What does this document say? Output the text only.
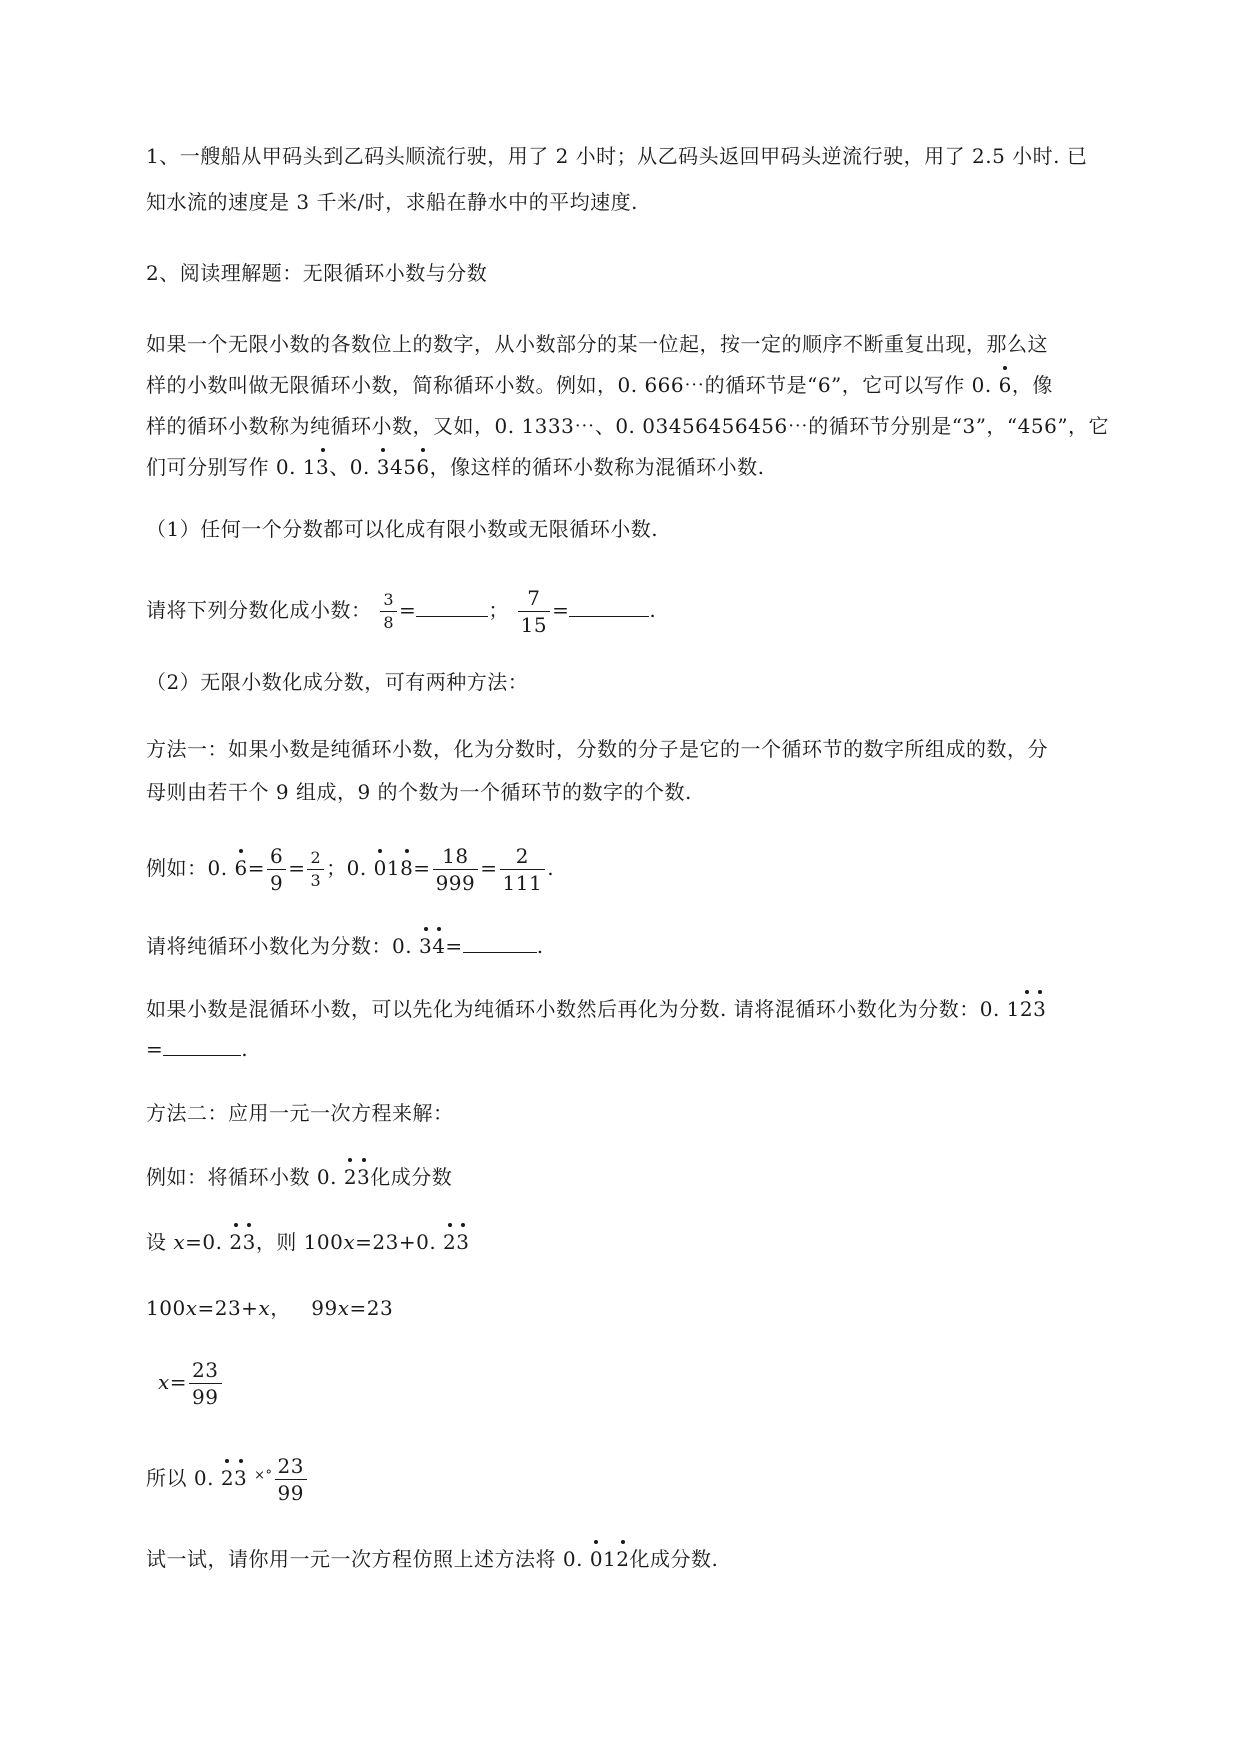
1、一艘船从甲码头到乙码头顺流行驶，用了 2 小时；从乙码头返回甲码头逆流行驶，用了 2.5 小时. 已
知水流的速度是 3 千米/时，求船在静水中的平均速度.
2、阅读理解题：无限循环小数与分数
如果一个无限小数的各数位上的数字，从小数部分的某一位起，按一定的顺序不断重复出现，那么这
样的小数叫做无限循环小数，简称循环小数。例如，0. 666⋯的循环节是“6”，它可以写作 0. 6，像
样的循环小数称为纯循环小数，又如，0. 1333⋯、0. 03456456456⋯的循环节分别是“3”，“456”，它
们可分别写作 0. 13、0. 3456，像这样的循环小数称为混循环小数.
（1）任何一个分数都可以化成有限小数或无限循环小数.
请将下列分数化成小数： $\frac{3}{8}$ =	； $\frac{7}{15}$ =	.
（2）无限小数化成分数，可有两种方法：
方法一：如果小数是纯循环小数，化为分数时，分数的分子是它的一个循环节的数字所组成的数，分
母则由若干个 9 组成，9 的个数为一个循环节的数字的个数.
例如：0. $6= \frac{6}{9} = \frac{2}{3}$ ；0. $018= \frac{18}{999} = \frac{2}{111}$ .
请将纯循环小数化为分数：0. 34=	.
如果小数是混循环小数，可以先化为纯循环小数然后再化为分数. 请将混循环小数化为分数：0. 123
=	.
方法二：应用一元一次方程来解：
例如：将循环小数 0. 23化成分数
设 x=0. 23，则 100x=23+0. 23
100x=23+x，   99x=23
$x= \frac{23}{99}$
所以 0. 23 $^{\times^\circ} \frac{23}{99}$
试一试，请你用一元一次方程仿照上述方法将 0. 012化成分数.
